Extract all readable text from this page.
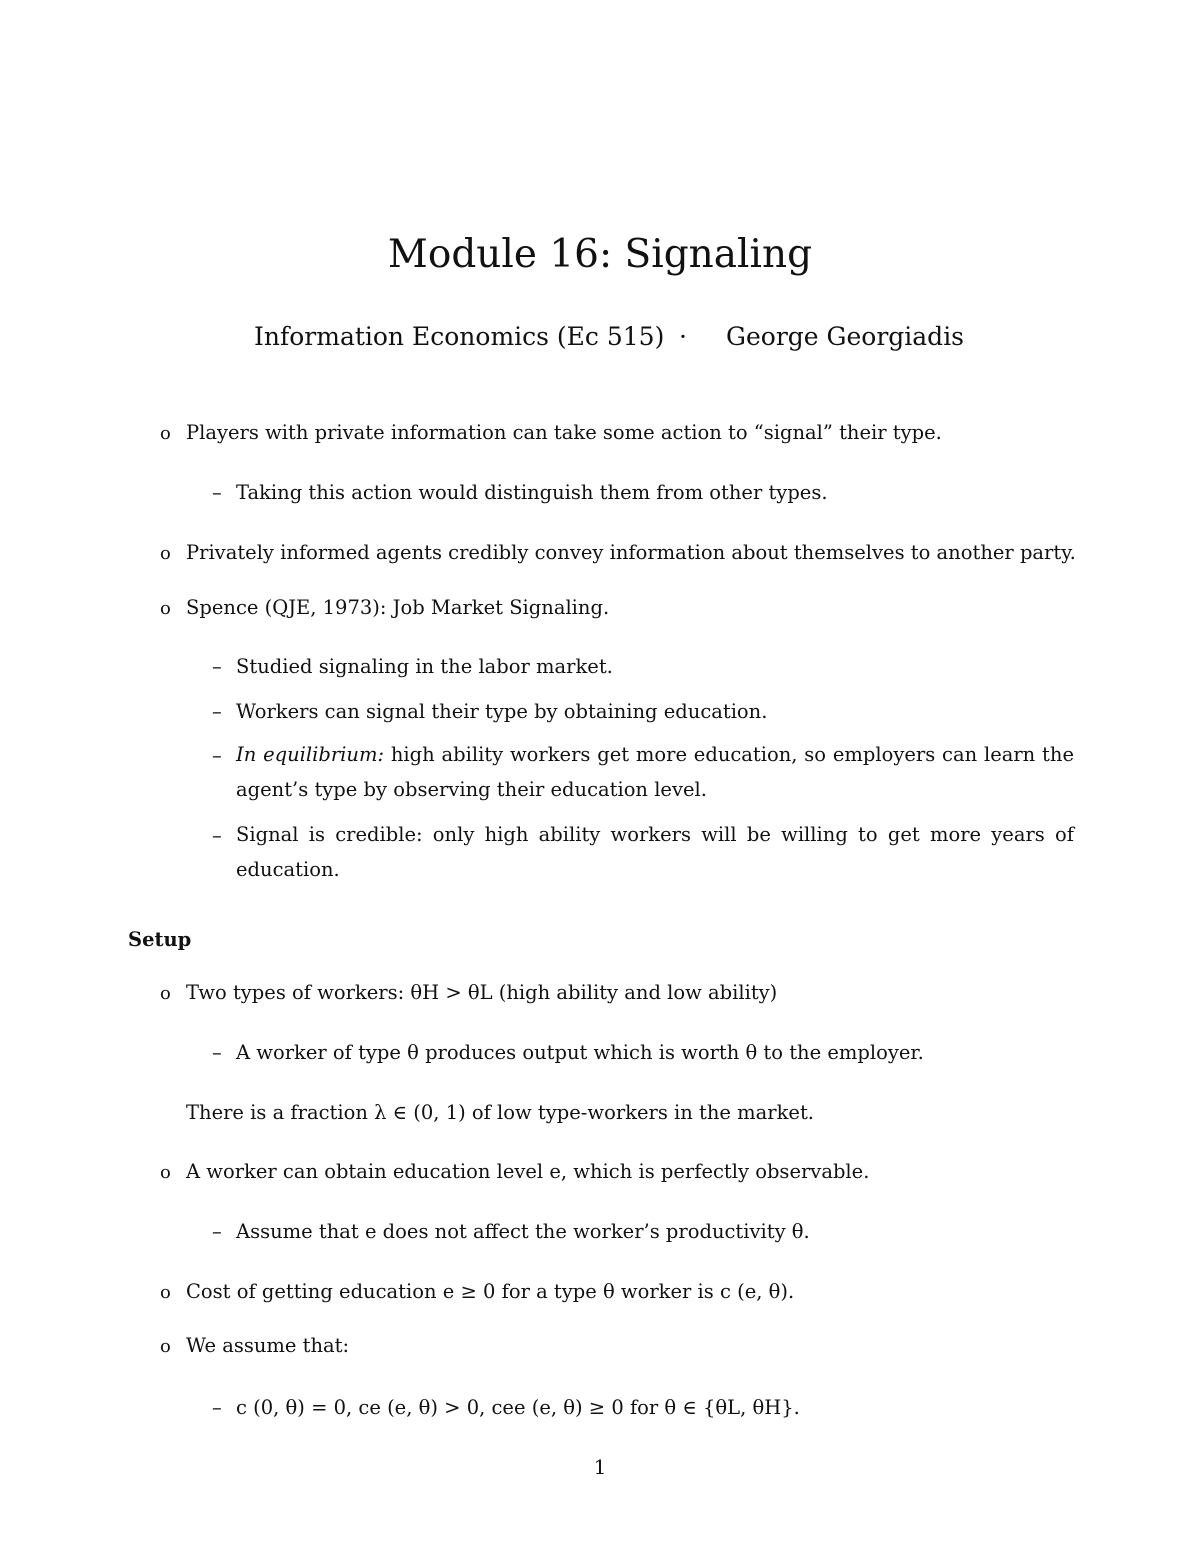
Module 16: Signaling
Information Economics (Ec 515) · George Georgiadis
o Players with private information can take some action to “signal” their type.
– Taking this action would distinguish them from other types.
o Privately informed agents credibly convey information about themselves to another party.
o Spence (QJE, 1973): Job Market Signaling.
– Studied signaling in the labor market.
– Workers can signal their type by obtaining education.
– In equilibrium: high ability workers get more education, so employers can learn the agent’s type by observing their education level.
– Signal is credible: only high ability workers will be willing to get more years of education.
Setup
o Two types of workers: θH > θL (high ability and low ability)
– A worker of type θ produces output which is worth θ to the employer.
There is a fraction λ ∈ (0, 1) of low type-workers in the market.
o A worker can obtain education level e, which is perfectly observable.
– Assume that e does not affect the worker’s productivity θ.
o Cost of getting education e ≥ 0 for a type θ worker is c (e, θ).
o We assume that:
– c (0, θ) = 0, ce (e, θ) > 0, cee (e, θ) ≥ 0 for θ ∈ {θL, θH}.
1
